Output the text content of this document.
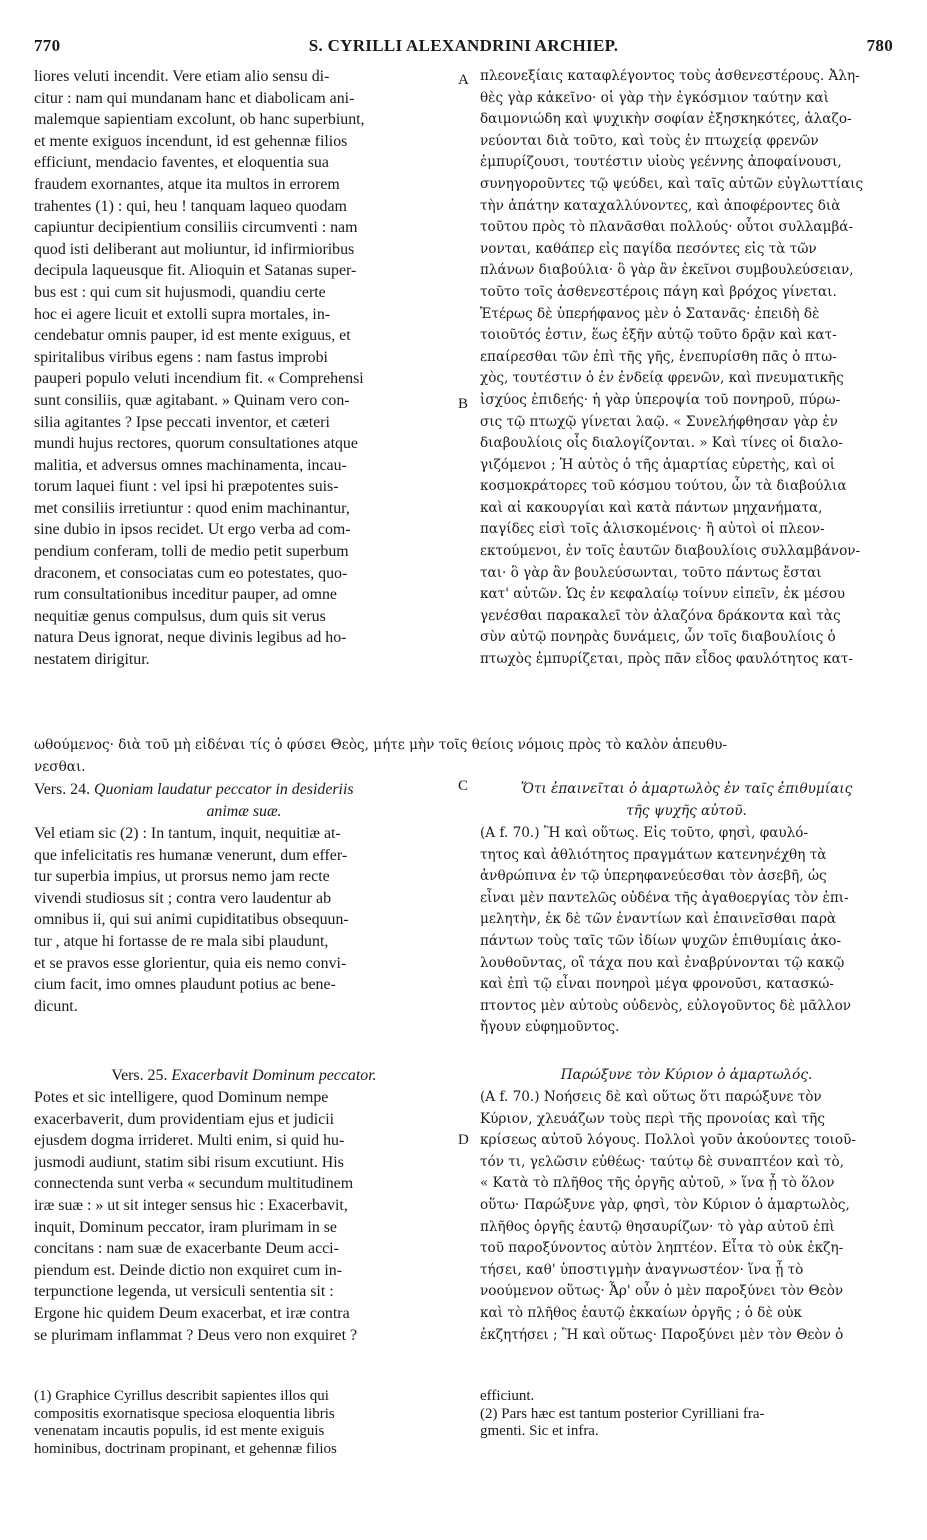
770	S. CYRILLI ALEXANDRINI ARCHIEP.	780
A
B
C
D
liores veluti incendit. Vere etiam alio sensu di-
citur : nam qui mundanam hanc et diabolicam ani-
malemque sapientiam excolunt, ob hanc superbiunt,
et mente exiguos incendunt, id est gehennæ filios
efficiunt, mendacio faventes, et eloquentia sua
fraudem exornantes, atque ita multos in errorem
trahentes (1) : qui, heu ! tanquam laqueo quodam
capiuntur decipientium consiliis circumventi : nam
quod isti deliberant aut moliuntur, id infirmioribus
decipula laqueusque fit. Alioquin et Satanas super-
bus est : qui cum sit hujusmodi, quandiu certe
hoc ei agere licuit et extolli supra mortales, in-
cendebatur omnis pauper, id est mente exiguus, et
spiritalibus viribus egens : nam fastus improbi
pauperi populo veluti incendium fit. « Comprehensi
sunt consiliis, quæ agitabant. » Quinam vero con-
silia agitantes ? Ipse peccati inventor, et cæteri
mundi hujus rectores, quorum consultationes atque
malitia, et adversus omnes machinamenta, incau-
torum laquei fiunt : vel ipsi hi præpotentes suis-
met consiliis irretiuntur : quod enim machinantur,
sine dubio in ipsos recidet. Ut ergo verba ad com-
pendium conferam, tolli de medio petit superbum
draconem, et consociatas cum eo potestates, quo-
rum consultationibus inceditur pauper, ad omne
nequitiæ genus compulsus, dum quis sit verus
natura Deus ignorat, neque divinis legibus ad ho-
nestatem dirigitur.
πλεονεξίαις καταφλέγοντος τοὺς ἀσθενεστέρους. Ἀλη-
θὲς γὰρ κἀκεῖνο· οἱ γὰρ τὴν ἐγκόσμιον ταύτην καὶ
δαιμονιώδη καὶ ψυχικὴν σοφίαν ἐξησκηκότες, ἀλαζο-
νεύονται διὰ τοῦτο, καὶ τοὺς ἐν πτωχείᾳ φρενῶν
ἐμπυρίζουσι, τουτέστιν υἱοὺς γεέννης ἀποφαίνουσι,
συνηγοροῦντες τῷ ψεύδει, καὶ ταῖς αὐτῶν εὐγλωττίαις
τὴν ἀπάτην καταχαλλύνοντες, καὶ ἀποφέροντες διὰ
τοῦτου πρὸς τὸ πλανᾶσθαι πολλούς· οὗτοι συλλαμβά-
νονται, καθάπερ εἰς παγίδα πεσόντες εἰς τὰ τῶν
πλάνων διαβούλια· ὃ γὰρ ἂν ἐκεῖνοι συμβουλεύσειαν,
τοῦτο τοῖς ἀσθενεστέροις πάγη καὶ βρόχος γίνεται.
Ἑτέρως δὲ ὑπερήφανος μὲν ὁ Σατανᾶς· ἐπειδὴ δὲ
τοιοῦτός ἐστιν, ἕως ἐξῆν αὐτῷ τοῦτο δρᾷν καὶ κατ-
επαίρεσθαι τῶν ἐπὶ τῆς γῆς, ἐνεπυρίσθη πᾶς ὁ πτω-
χὸς, τουτέστιν ὁ ἐν ἐνδείᾳ φρενῶν, καὶ πνευματικῆς
ἰσχύος ἐπιδεής· ἡ γὰρ ὑπεροψία τοῦ πονηροῦ, πύρω-
σις τῷ πτωχῷ γίνεται λαῷ. « Συνελήφθησαν γὰρ ἐν
διαβουλίοις οἷς διαλογίζονται. » Καὶ τίνες οἱ διαλο-
γιζόμενοι ; Ἡ αὐτὸς ὁ τῆς ἁμαρτίας εὑρετὴς, καὶ οἱ
κοσμοκράτορες τοῦ κόσμου τούτου, ὧν τὰ διαβούλια
καὶ αἱ κακουργίαι καὶ κατὰ πάντων μηχανήματα,
παγίδες εἰσὶ τοῖς ἁλισκομένοις· ἢ αὐτοὶ οἱ πλεον-
εκτούμενοι, ἐν τοῖς ἑαυτῶν διαβουλίοις συλλαμβάνον-
ται· ὃ γὰρ ἂν βουλεύσωνται, τοῦτο πάντως ἔσται
κατ' αὐτῶν. Ὡς ἐν κεφαλαίῳ τοίνυν εἰπεῖν, ἐκ μέσου
γενέσθαι παρακαλεῖ τὸν ἀλαζόνα δράκοντα καὶ τὰς
σὺν αὐτῷ πονηρὰς δυνάμεις, ὧν τοῖς διαβουλίοις ὁ
πτωχὸς ἐμπυρίζεται, πρὸς πᾶν εἶδος φαυλότητος κατ-
ωθούμενος· διὰ τοῦ μὴ εἰδέναι τίς ὁ φύσει Θεὸς, μήτε μὴν τοῖς θείοις νόμοις πρὸς τὸ καλὸν ἀπευθυ-
νεσθαι.
Vers. 24. Quoniam laudatur peccator in desideriis
animæ suæ.
Ὅτι ἐπαινεῖται ὁ ἁμαρτωλὸς ἐν ταῖς ἐπιθυμίαις
τῆς ψυχῆς αὐτοῦ.
Vel etiam sic (2) : In tantum, inquit, nequitiæ at-
que infelicitatis res humanæ venerunt, dum effer-
tur superbia impius, ut prorsus nemo jam recte
vivendi studiosus sit ; contra vero laudentur ab
omnibus ii, qui sui animi cupiditatibus obsequun-
tur , atque hi fortasse de re mala sibi plaudunt,
et se pravos esse glorientur, quia eis nemo convi-
cium facit, imo omnes plaudunt potius ac bene-
dicunt.
(A f. 70.) Ἢ καὶ οὕτως. Εἰς τοῦτο, φησὶ, φαυλό-
τητος καὶ ἀθλιότητος πραγμάτων κατενηνέχθη τὰ
ἀνθρώπινα ἐν τῷ ὑπερηφανεύεσθαι τὸν ἀσεβῆ, ὡς
εἶναι μὲν παντελῶς οὐδένα τῆς ἀγαθοεργίας τὸν ἐπι-
μελητὴν, ἐκ δὲ τῶν ἐναντίων καὶ ἐπαινεῖσθαι παρὰ
πάντων τοὺς ταῖς τῶν ἰδίων ψυχῶν ἐπιθυμίαις ἀκο-
λουθοῦντας, οἳ τάχα που καὶ ἐναβρύνονται τῷ κακῷ
καὶ ἐπὶ τῷ εἶναι πονηροὶ μέγα φρονοῦσι, κατασκώ-
πτοντος μὲν αὐτοὺς οὐδενὸς, εὐλογοῦντος δὲ μᾶλλον
ἤγουν εὐφημοῦντος.
Vers. 25. Exacerbavit Dominum peccator.	Παρώξυνε τὸν Κύριον ὁ ἁμαρτωλός.
Potes et sic intelligere, quod Dominum nempe
exacerbaverit, dum providentiam ejus et judicii
ejusdem dogma irrideret. Multi enim, si quid hu-
jusmodi audiunt, statim sibi risum excutiunt. His
connectenda sunt verba « secundum multitudinem
iræ suæ : » ut sit integer sensus hic : Exacerbavit,
inquit, Dominum peccator, iram plurimam in se
concitans : nam suæ de exacerbante Deum acci-
piendum est. Deinde dictio non exquiret cum in-
terpunctione legenda, ut versiculi sententia sit :
Ergone hic quidem Deum exacerbat, et iræ contra
se plurimam inflammat ? Deus vero non exquiret ?
(A f. 70.) Νοήσεις δὲ καὶ οὕτως ὅτι παρώξυνε τὸν
Κύριον, χλευάζων τοὺς περὶ τῆς προνοίας καὶ τῆς
κρίσεως αὐτοῦ λόγους. Πολλοὶ γοῦν ἀκούοντες τοιοῦ-
τόν τι, γελῶσιν εὐθέως· ταύτῳ δὲ συναπτέον καὶ τὸ,
« Κατὰ τὸ πλῆθος τῆς ὀργῆς αὐτοῦ, » ἵνα ᾖ τὸ ὅλον
οὕτω· Παρώξυνε γὰρ, φησὶ, τὸν Κύριον ὁ ἁμαρτωλὸς,
πλῆθος ὀργῆς ἑαυτῷ θησαυρίζων· τὸ γὰρ αὐτοῦ ἐπὶ
τοῦ παροξύνοντος αὐτὸν ληπτέον. Εἶτα τὸ οὐκ ἐκζη-
τήσει, καθ' ὑποστιγμὴν ἀναγνωστέον· ἵνα ᾖ τὸ
νοούμενον οὕτως· Ἆρ' οὖν ὁ μὲν παροξύνει τὸν Θεὸν
καὶ τὸ πλῆθος ἑαυτῷ ἐκκαίων ὀργῆς ; ὁ δὲ οὐκ
ἐκζητήσει ; Ἢ καὶ οὕτως· Παροξύνει μὲν τὸν Θεὸν ὁ
(1) Graphice Cyrillus describit sapientes illos qui
compositis exornatisque speciosa eloquentia libris
venenatam incautis populis, id est mente exiguis
hominibus, doctrinam propinant, et gehennæ filios
efficiunt.
(2) Pars hæc est tantum posterior Cyrilliani fra-
gmenti. Sic et infra.
